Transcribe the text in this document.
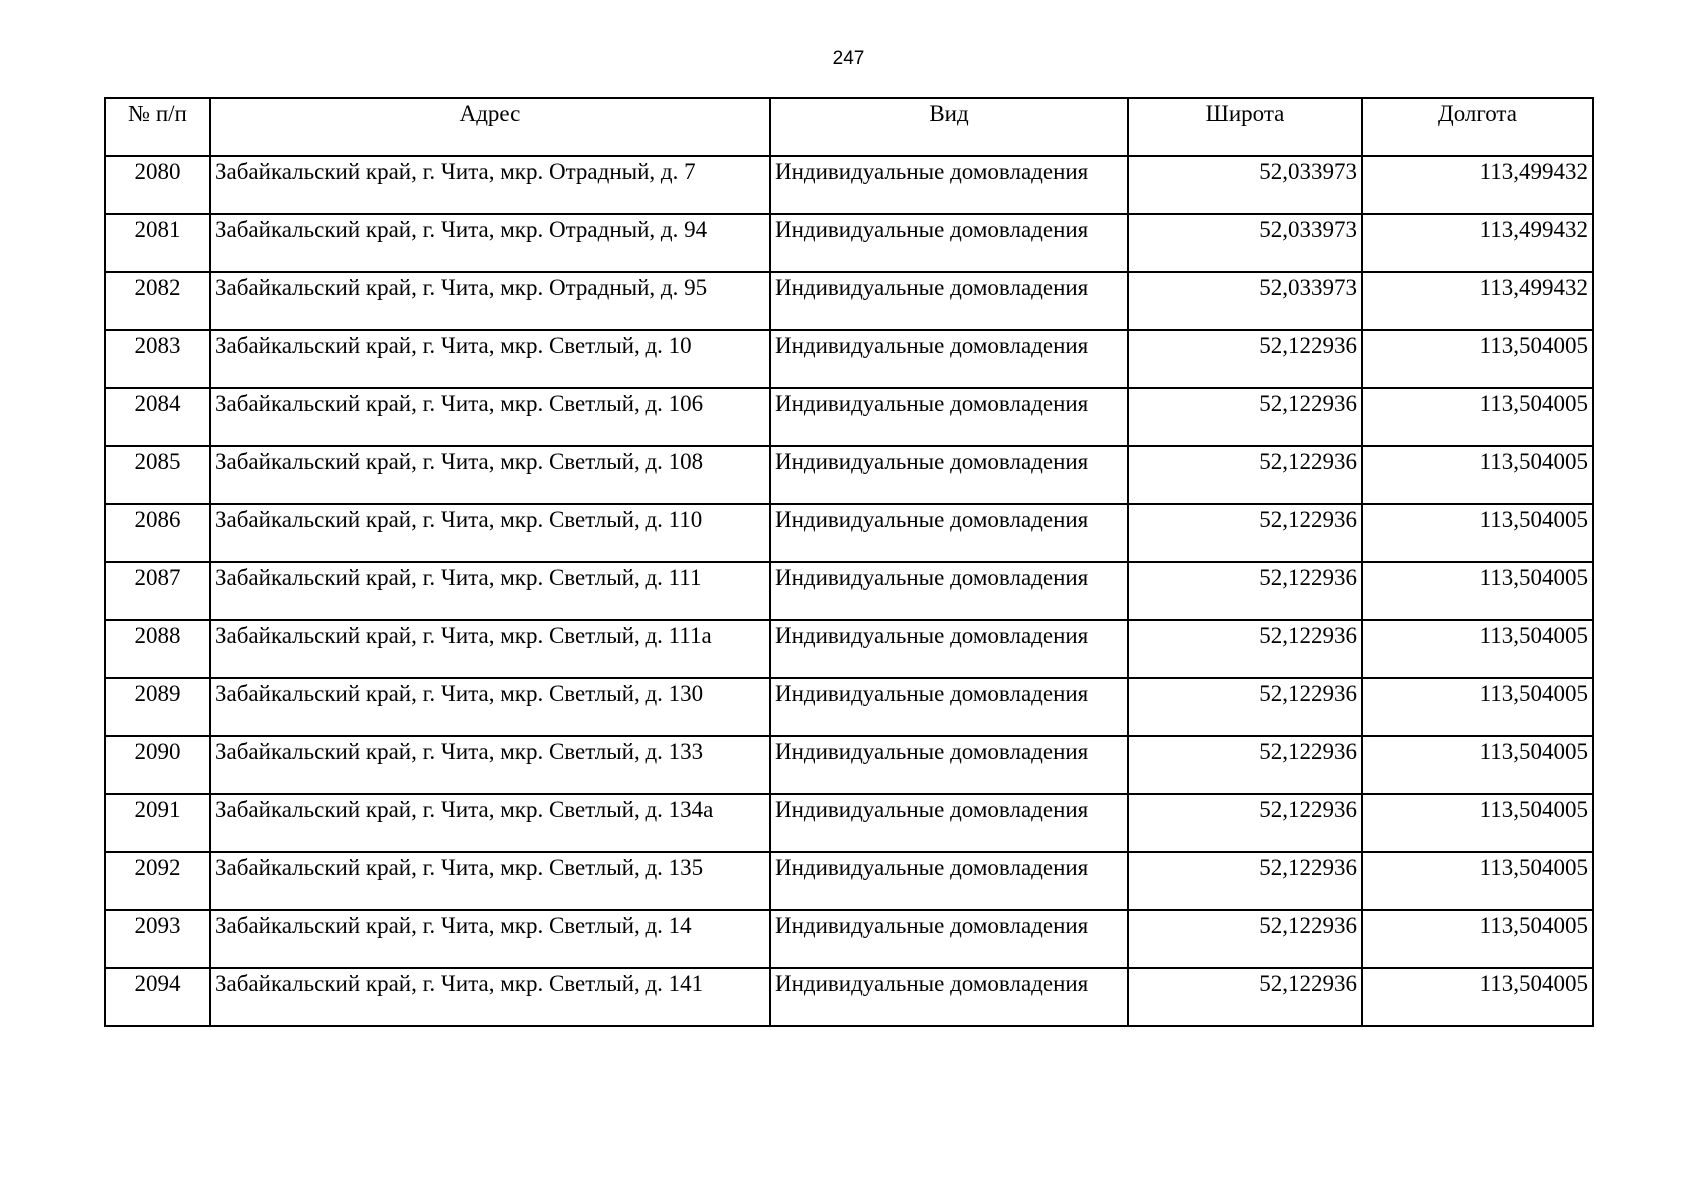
247
№ п/п	Адрес	Вид	Широта	Долгота
2080	Забайкальский край, г. Чита, мкр. Отрадный, д. 7	Индивидуальные домовладения	52,033973	113,499432
2081	Забайкальский край, г. Чита, мкр. Отрадный, д. 94	Индивидуальные домовладения	52,033973	113,499432
2082	Забайкальский край, г. Чита, мкр. Отрадный, д. 95	Индивидуальные домовладения	52,033973	113,499432
2083	Забайкальский край, г. Чита, мкр. Светлый, д. 10	Индивидуальные домовладения	52,122936	113,504005
2084	Забайкальский край, г. Чита, мкр. Светлый, д. 106	Индивидуальные домовладения	52,122936	113,504005
2085	Забайкальский край, г. Чита, мкр. Светлый, д. 108	Индивидуальные домовладения	52,122936	113,504005
2086	Забайкальский край, г. Чита, мкр. Светлый, д. 110	Индивидуальные домовладения	52,122936	113,504005
2087	Забайкальский край, г. Чита, мкр. Светлый, д. 111	Индивидуальные домовладения	52,122936	113,504005
2088	Забайкальский край, г. Чита, мкр. Светлый, д. 111а	Индивидуальные домовладения	52,122936	113,504005
2089	Забайкальский край, г. Чита, мкр. Светлый, д. 130	Индивидуальные домовладения	52,122936	113,504005
2090	Забайкальский край, г. Чита, мкр. Светлый, д. 133	Индивидуальные домовладения	52,122936	113,504005
2091	Забайкальский край, г. Чита, мкр. Светлый, д. 134а	Индивидуальные домовладения	52,122936	113,504005
2092	Забайкальский край, г. Чита, мкр. Светлый, д. 135	Индивидуальные домовладения	52,122936	113,504005
2093	Забайкальский край, г. Чита, мкр. Светлый, д. 14	Индивидуальные домовладения	52,122936	113,504005
2094	Забайкальский край, г. Чита, мкр. Светлый, д. 141	Индивидуальные домовладения	52,122936	113,504005
